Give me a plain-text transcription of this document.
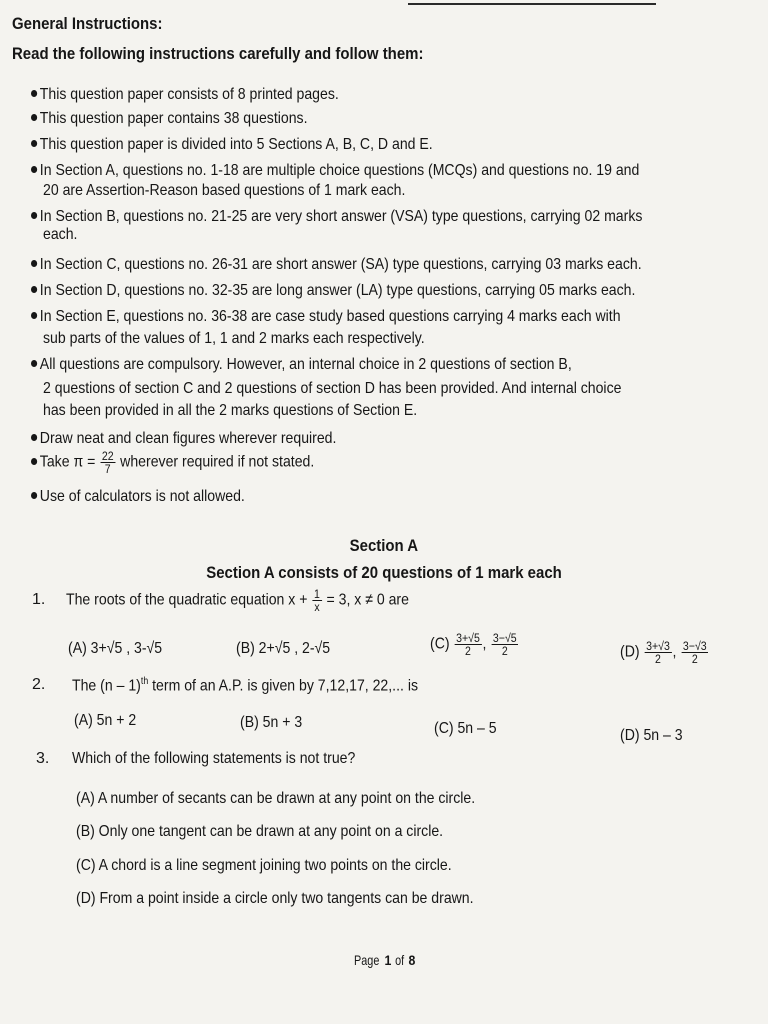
General Instructions:
Read the following instructions carefully and follow them:
This question paper consists of 8 printed pages.
This question paper contains 38 questions.
This question paper is divided into 5 Sections A, B, C, D and E.
In Section A, questions no. 1-18 are multiple choice questions (MCQs) and questions no. 19 and
20 are Assertion-Reason based questions of 1 mark each.
In Section B, questions no. 21-25 are very short answer (VSA) type questions, carrying 02 marks
each.
In Section C, questions no. 26-31 are short answer (SA) type questions, carrying 03 marks each.
In Section D, questions no. 32-35 are long answer (LA) type questions, carrying 05 marks each.
In Section E, questions no. 36-38 are case study based questions carrying 4 marks each with
sub parts of the values of 1, 1 and 2 marks each respectively.
All questions are compulsory. However, an internal choice in 2 questions of section B,
2 questions of section C and 2 questions of section D has been provided. And internal choice
has been provided in all the 2 marks questions of Section E.
Draw neat and clean figures wherever required.
Take $\pi = \frac{22}{7}$ wherever required if not stated.
Use of calculators is not allowed.
Section A
Section A consists of 20 questions of 1 mark each
1. The roots of the quadratic equation $x + \frac{1}{x} = 3$, x ≠ 0 are
(A) 3+√5 , 3-√5	(B) 2+√5 , 2-√5	$(C) \frac{3+√5}{2}$ , $\frac{3-√5}{2}$	$(D) \frac{3+√3}{2}$ , $\frac{3-√3}{2}$
2. The (n – 1)$^{th}$ term of an A.P. is given by 7,12,17, 22,... is
(A) 5n + 2	(B) 5n + 3	(C) 5n – 5	(D) 5n – 3
3. Which of the following statements is not true?
(A) A number of secants can be drawn at any point on the circle.
(B) Only one tangent can be drawn at any point on a circle.
(C) A chord is a line segment joining two points on the circle.
(D) From a point inside a circle only two tangents can be drawn.
Page 1 of 8
